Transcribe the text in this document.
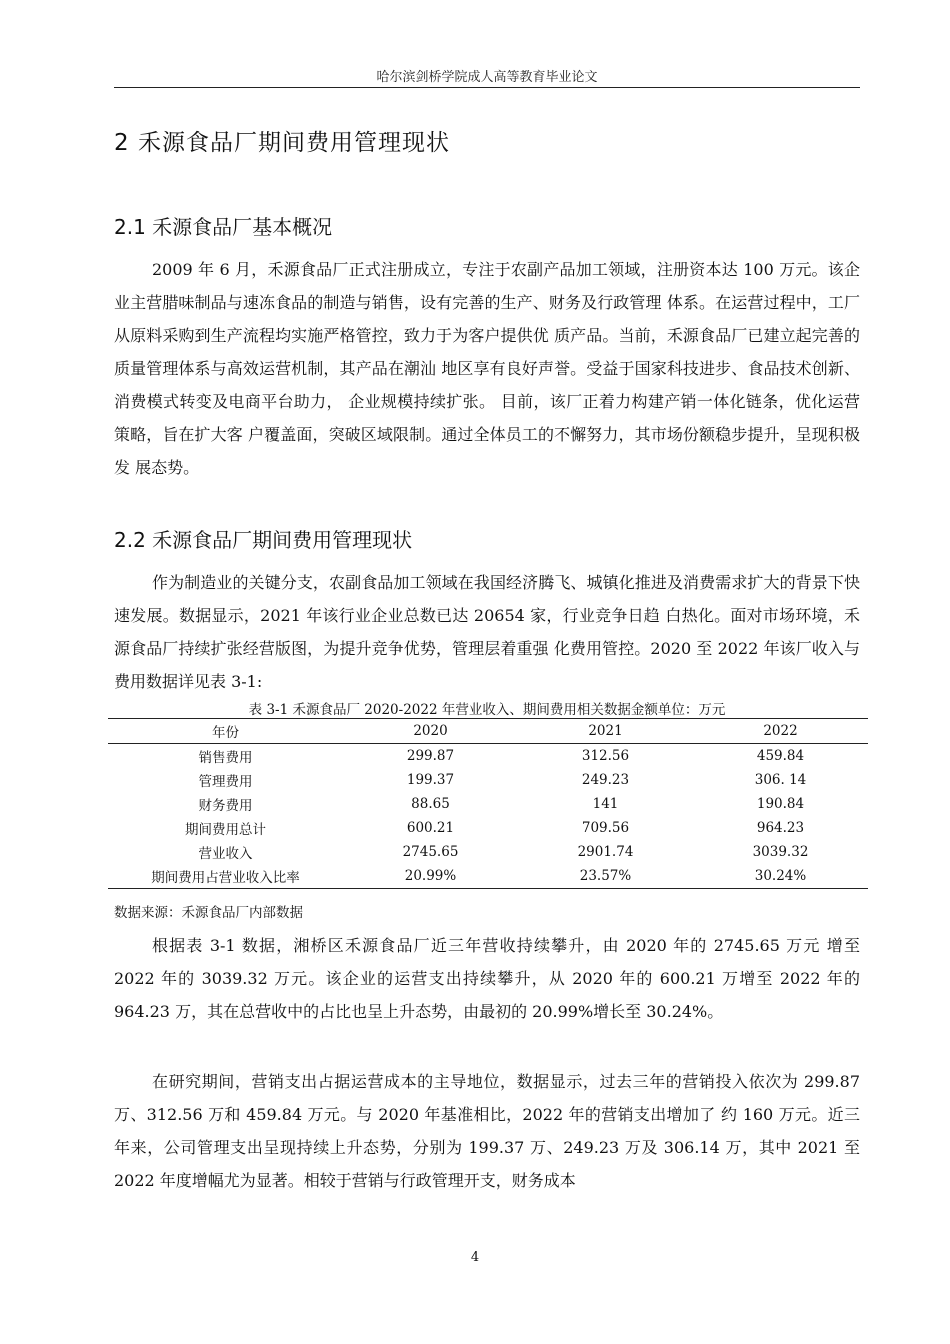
哈尔滨剑桥学院成人高等教育毕业论文
2 禾源食品厂期间费用管理现状
2.1 禾源食品厂基本概况

2009 年 6 月，禾源食品厂正式注册成立，专注于农副产品加工领域，注册资本达 100 万元。该企业主营腊味制品与速冻食品的制造与销售，设有完善的生产、财务及行政管理 体系。在运营过程中，工厂从原料采购到生产流程均实施严格管控，致力于为客户提供优 质产品。当前，禾源食品厂已建立起完善的质量管理体系与高效运营机制，其产品在潮汕 地区享有良好声誉。受益于国家科技进步、食品技术创新、消费模式转变及电商平台助力， 企业规模持续扩张。 目前，该厂正着力构建产销一体化链条，优化运营策略，旨在扩大客 户覆盖面，突破区域限制。通过全体员工的不懈努力，其市场份额稳步提升，呈现积极发 展态势。

2.2 禾源食品厂期间费用管理现状

作为制造业的关键分支，农副食品加工领域在我国经济腾飞、城镇化推进及消费需求扩大的背景下快速发展。数据显示，2021 年该行业企业总数已达 20654 家，行业竞争日趋 白热化。面对市场环境，禾源食品厂持续扩张经营版图，为提升竞争优势，管理层着重强 化费用管控。2020 至 2022 年该厂收入与费用数据详见表 3-1:

表 3-1 禾源食品厂 2020-2022 年营业收入、期间费用相关数据金额单位：万元
年份	2020	2021	2022
销售费用	299.87	312.56	459.84
管理费用	199.37	249.23	306. 14
财务费用	88.65	141	190.84
期间费用总计	600.21	709.56	964.23
营业收入	2745.65	2901.74	3039.32
期间费用占营业收入比率	20.99%	23.57%	30.24%
数据来源：禾源食品厂内部数据

根据表 3-1 数据，湘桥区禾源食品厂近三年营收持续攀升，由 2020 年的 2745.65 万元 增至 2022 年的 3039.32 万元。该企业的运营支出持续攀升，从 2020 年的 600.21 万增至 2022 年的 964.23 万，其在总营收中的占比也呈上升态势，由最初的 20.99%增长至 30.24%。

在研究期间，营销支出占据运营成本的主导地位，数据显示，过去三年的营销投入依次为 299.87 万、312.56 万和 459.84 万元。与 2020 年基准相比，2022 年的营销支出增加了 约 160 万元。近三年来，公司管理支出呈现持续上升态势，分别为 199.37 万、249.23 万及 306.14 万，其中 2021 至 2022 年度增幅尤为显著。相较于营销与行政管理开支，财务成本

4
